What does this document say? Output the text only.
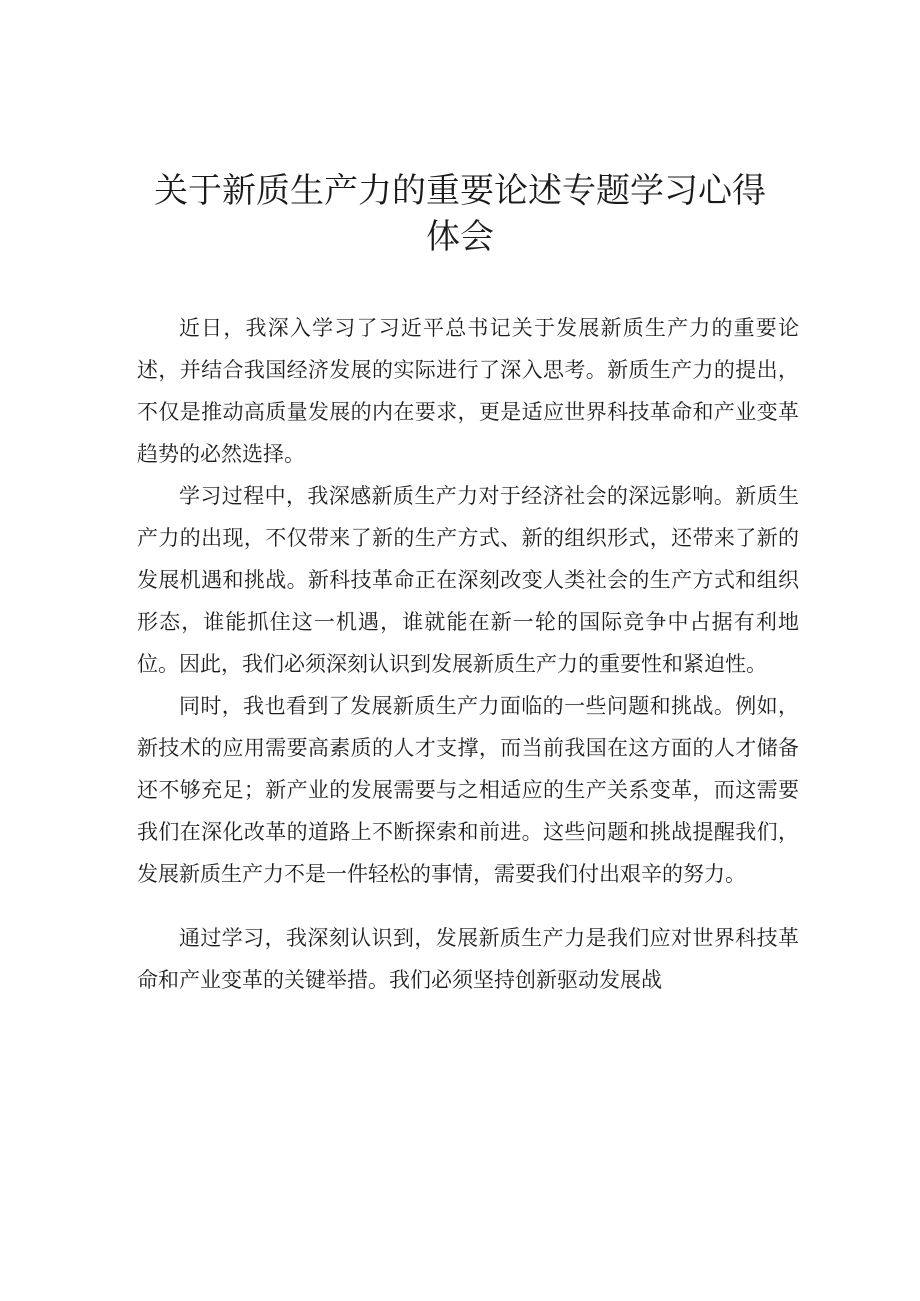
关于新质生产力的重要论述专题学习心得
体会

近日，我深入学习了习近平总书记关于发展新质生产力的重要论述，并结合我国经济发展的实际进行了深入思考。新质生产力的提出，不仅是推动高质量发展的内在要求，更是适应世界科技革命和产业变革趋势的必然选择。

学习过程中，我深感新质生产力对于经济社会的深远影响。新质生产力的出现，不仅带来了新的生产方式、新的组织形式，还带来了新的发展机遇和挑战。新科技革命正在深刻改变人类社会的生产方式和组织形态，谁能抓住这一机遇，谁就能在新一轮的国际竞争中占据有利地位。因此，我们必须深刻认识到发展新质生产力的重要性和紧迫性。

同时，我也看到了发展新质生产力面临的一些问题和挑战。例如，新技术的应用需要高素质的人才支撑，而当前我国在这方面的人才储备还不够充足；新产业的发展需要与之相适应的生产关系变革，而这需要我们在深化改革的道路上不断探索和前进。这些问题和挑战提醒我们，发展新质生产力不是一件轻松的事情，需要我们付出艰辛的努力。

通过学习，我深刻认识到，发展新质生产力是我们应对世界科技革命和产业变革的关键举措。我们必须坚持创新驱动发展战
